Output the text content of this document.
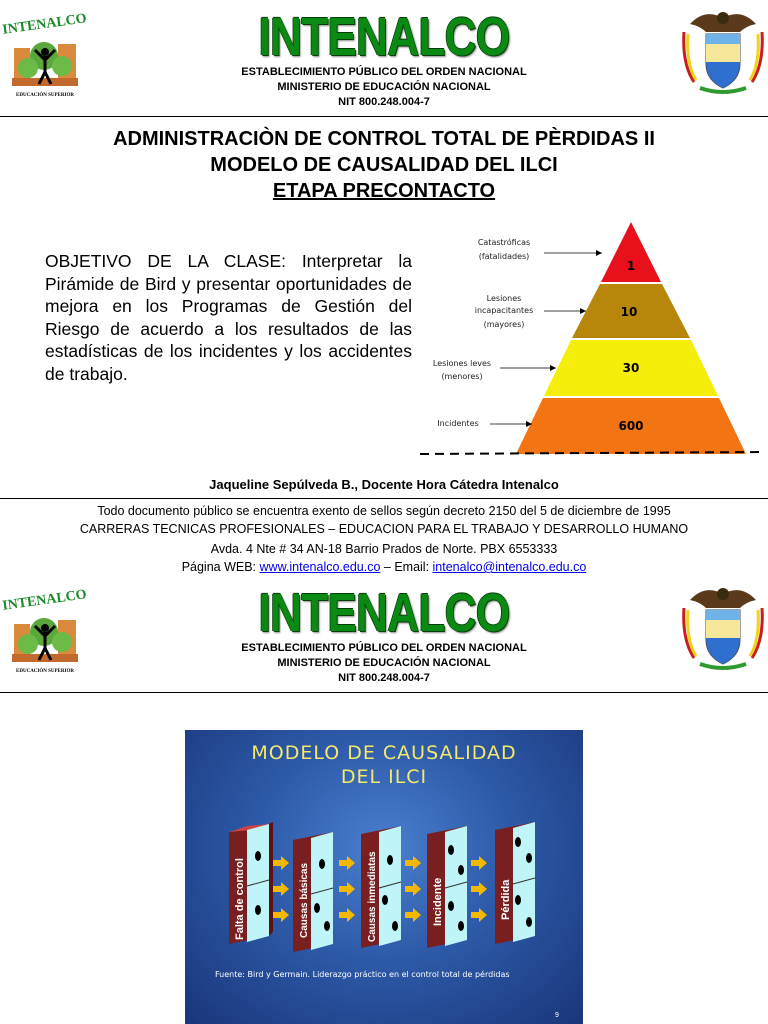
INTENALCO
EDUCACIÓN SUPERIOR
INTENALCO
ESTABLECIMIENTO PÚBLICO DEL ORDEN NACIONAL
MINISTERIO DE EDUCACIÓN NACIONAL
NIT 800.248.004-7
ADMINISTRACIÒN DE CONTROL TOTAL DE PÈRDIDAS II
MODELO DE CAUSALIDAD DEL ILCI
ETAPA PRECONTACTO
OBJETIVO DE LA CLASE: Interpretar la Pirámide de Bird y presentar oportunidades de mejora en los Programas de Gestión del Riesgo de acuerdo a los resultados de las estadísticas de los incidentes y los accidentes de trabajo.
1
10
30
600
Catastróficas
(fatalidades)
Lesiones
incapacitantes
(mayores)
Lesiones leves
(menores)
Incidentes
Jaqueline Sepúlveda B., Docente Hora Cátedra Intenalco
Todo documento público se encuentra exento de sellos según decreto 2150 del 5 de diciembre de 1995
CARRERAS TECNICAS PROFESIONALES – EDUCACION PARA EL TRABAJO Y DESARROLLO HUMANO
Avda. 4 Nte # 34 AN-18 Barrio Prados de Norte. PBX 6553333
Página WEB: www.intenalco.edu.co – Email: intenalco@intenalco.edu.co
INTENALCO
EDUCACIÓN SUPERIOR
INTENALCO
ESTABLECIMIENTO PÚBLICO DEL ORDEN NACIONAL
MINISTERIO DE EDUCACIÓN NACIONAL
NIT 800.248.004-7
MODELO DE CAUSALIDAD
DEL ILCI
Falta de control	Causas básicas	Causas inmediatas	Incidente	Pérdida
Fuente: Bird y Germain. Liderazgo práctico en el control total de pérdidas
9
